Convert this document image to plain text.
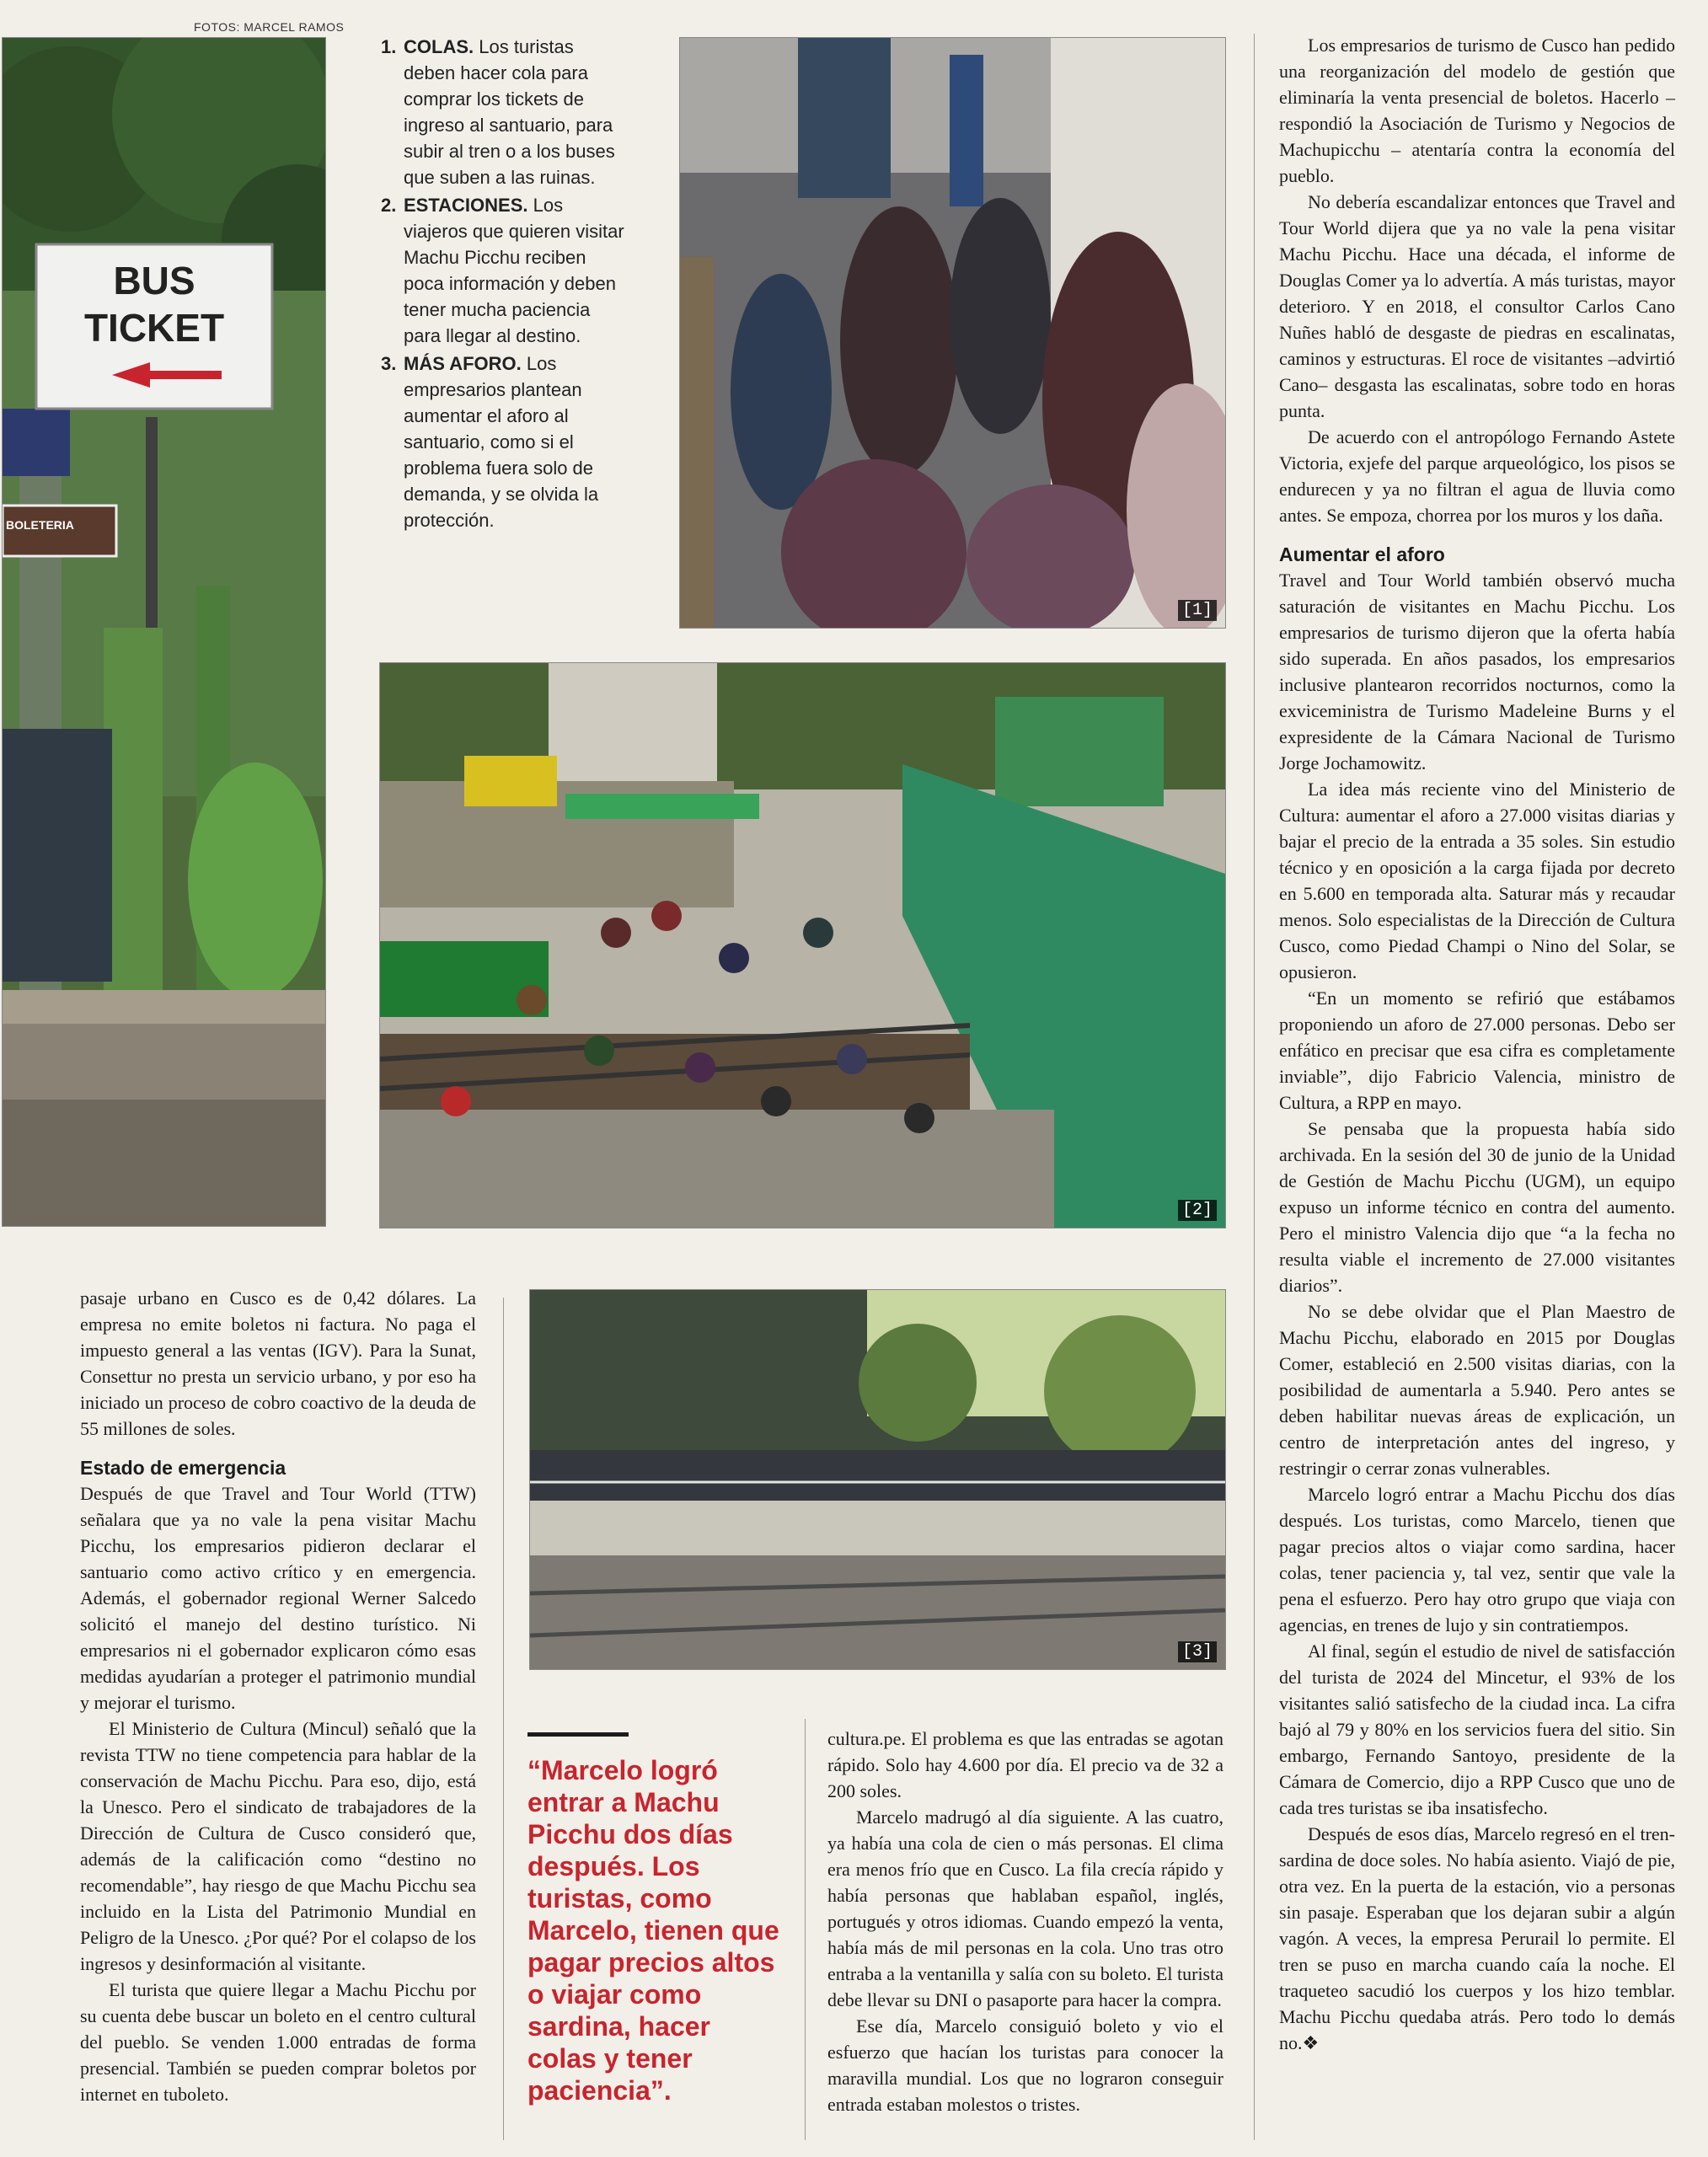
FOTOS: MARCEL RAMOS
BUS TICKET
BOLETERIA
1. COLAS. Los turistas deben hacer cola para comprar los tickets de ingreso al santuario, para subir al tren o a los buses que suben a las ruinas.
2. ESTACIONES. Los viajeros que quieren visitar Machu Picchu reciben poca información y deben tener mucha paciencia para llegar al destino.
3. MÁS AFORO. Los empresarios plantean aumentar el aforo al santuario, como si el problema fuera solo de demanda, y se olvida la protección.
[1]
[2]
[3]

pasaje urbano en Cusco es de 0,42 dólares. La empresa no emite boletos ni factura. No paga el impuesto general a las ventas (IGV). Para la Sunat, Consettur no presta un servicio urbano, y por eso ha iniciado un proceso de cobro coactivo de la deuda de 55 millones de soles.

Estado de emergencia

Después de que Travel and Tour World (TTW) señalara que ya no vale la pena visitar Machu Picchu, los empresarios pidieron declarar el santuario como activo crítico y en emergencia. Además, el gobernador regional Werner Salcedo solicitó el manejo del destino turístico. Ni empresarios ni el gobernador explicaron cómo esas medidas ayudarían a proteger el patrimonio mundial y mejorar el turismo.

El Ministerio de Cultura (Mincul) señaló que la revista TTW no tiene competencia para hablar de la conservación de Machu Picchu. Para eso, dijo, está la Unesco. Pero el sindicato de trabajadores de la Dirección de Cultura de Cusco consideró que, además de la calificación como “destino no recomendable”, hay riesgo de que Machu Picchu sea incluido en la Lista del Patrimonio Mundial en Peligro de la Unesco. ¿Por qué? Por el colapso de los ingresos y desinformación al visitante.

El turista que quiere llegar a Machu Picchu por su cuenta debe buscar un boleto en el centro cultural del pueblo. Se venden 1.000 entradas de forma presencial. También se pueden comprar boletos por internet en tuboleto.

“Marcelo logró entrar a Machu Picchu dos días después. Los turistas, como Marcelo, tienen que pagar precios altos o viajar como sardina, hacer colas y tener paciencia”.

cultura.pe. El problema es que las entradas se agotan rápido. Solo hay 4.600 por día. El precio va de 32 a 200 soles.

Marcelo madrugó al día siguiente. A las cuatro, ya había una cola de cien o más personas. El clima era menos frío que en Cusco. La fila crecía rápido y había personas que hablaban español, inglés, portugués y otros idiomas. Cuando empezó la venta, había más de mil personas en la cola. Uno tras otro entraba a la ventanilla y salía con su boleto. El turista debe llevar su DNI o pasaporte para hacer la compra.

Ese día, Marcelo consiguió boleto y vio el esfuerzo que hacían los turistas para conocer la maravilla mundial. Los que no lograron conseguir entrada estaban molestos o tristes.

Los empresarios de turismo de Cusco han pedido una reorganización del modelo de gestión que eliminaría la venta presencial de boletos. Hacerlo –respondió la Asociación de Turismo y Negocios de Machupicchu – atentaría contra la economía del pueblo.

No debería escandalizar entonces que Travel and Tour World dijera que ya no vale la pena visitar Machu Picchu. Hace una década, el informe de Douglas Comer ya lo advertía. A más turistas, mayor deterioro. Y en 2018, el consultor Carlos Cano Nuñes habló de desgaste de piedras en escalinatas, caminos y estructuras. El roce de visitantes –advirtió Cano– desgasta las escalinatas, sobre todo en horas punta.

De acuerdo con el antropólogo Fernando Astete Victoria, exjefe del parque arqueológico, los pisos se endurecen y ya no filtran el agua de lluvia como antes. Se empoza, chorrea por los muros y los daña.

Aumentar el aforo

Travel and Tour World también observó mucha saturación de visitantes en Machu Picchu. Los empresarios de turismo dijeron que la oferta había sido superada. En años pasados, los empresarios inclusive plantearon recorridos nocturnos, como la exviceministra de Turismo Madeleine Burns y el expresidente de la Cámara Nacional de Turismo Jorge Jochamowitz.

La idea más reciente vino del Ministerio de Cultura: aumentar el aforo a 27.000 visitas diarias y bajar el precio de la entrada a 35 soles. Sin estudio técnico y en oposición a la carga fijada por decreto en 5.600 en temporada alta. Saturar más y recaudar menos. Solo especialistas de la Dirección de Cultura Cusco, como Piedad Champi o Nino del Solar, se opusieron.

“En un momento se refirió que estábamos proponiendo un aforo de 27.000 personas. Debo ser enfático en precisar que esa cifra es completamente inviable”, dijo Fabricio Valencia, ministro de Cultura, a RPP en mayo.

Se pensaba que la propuesta había sido archivada. En la sesión del 30 de junio de la Unidad de Gestión de Machu Picchu (UGM), un equipo expuso un informe técnico en contra del aumento. Pero el ministro Valencia dijo que “a la fecha no resulta viable el incremento de 27.000 visitantes diarios”.

No se debe olvidar que el Plan Maestro de Machu Picchu, elaborado en 2015 por Douglas Comer, estableció en 2.500 visitas diarias, con la posibilidad de aumentarla a 5.940. Pero antes se deben habilitar nuevas áreas de explicación, un centro de interpretación antes del ingreso, y restringir o cerrar zonas vulnerables.

Marcelo logró entrar a Machu Picchu dos días después. Los turistas, como Marcelo, tienen que pagar precios altos o viajar como sardina, hacer colas, tener paciencia y, tal vez, sentir que vale la pena el esfuerzo. Pero hay otro grupo que viaja con agencias, en trenes de lujo y sin contratiempos.

Al final, según el estudio de nivel de satisfacción del turista de 2024 del Mincetur, el 93% de los visitantes salió satisfecho de la ciudad inca. La cifra bajó al 79 y 80% en los servicios fuera del sitio. Sin embargo, Fernando Santoyo, presidente de la Cámara de Comercio, dijo a RPP Cusco que uno de cada tres turistas se iba insatisfecho.

Después de esos días, Marcelo regresó en el tren-sardina de doce soles. No había asiento. Viajó de pie, otra vez. En la puerta de la estación, vio a personas sin pasaje. Esperaban que los dejaran subir a algún vagón. A veces, la empresa Perurail lo permite. El tren se puso en marcha cuando caía la noche. El traqueteo sacudió los cuerpos y los hizo temblar. Machu Picchu quedaba atrás. Pero todo lo demás no.❖
